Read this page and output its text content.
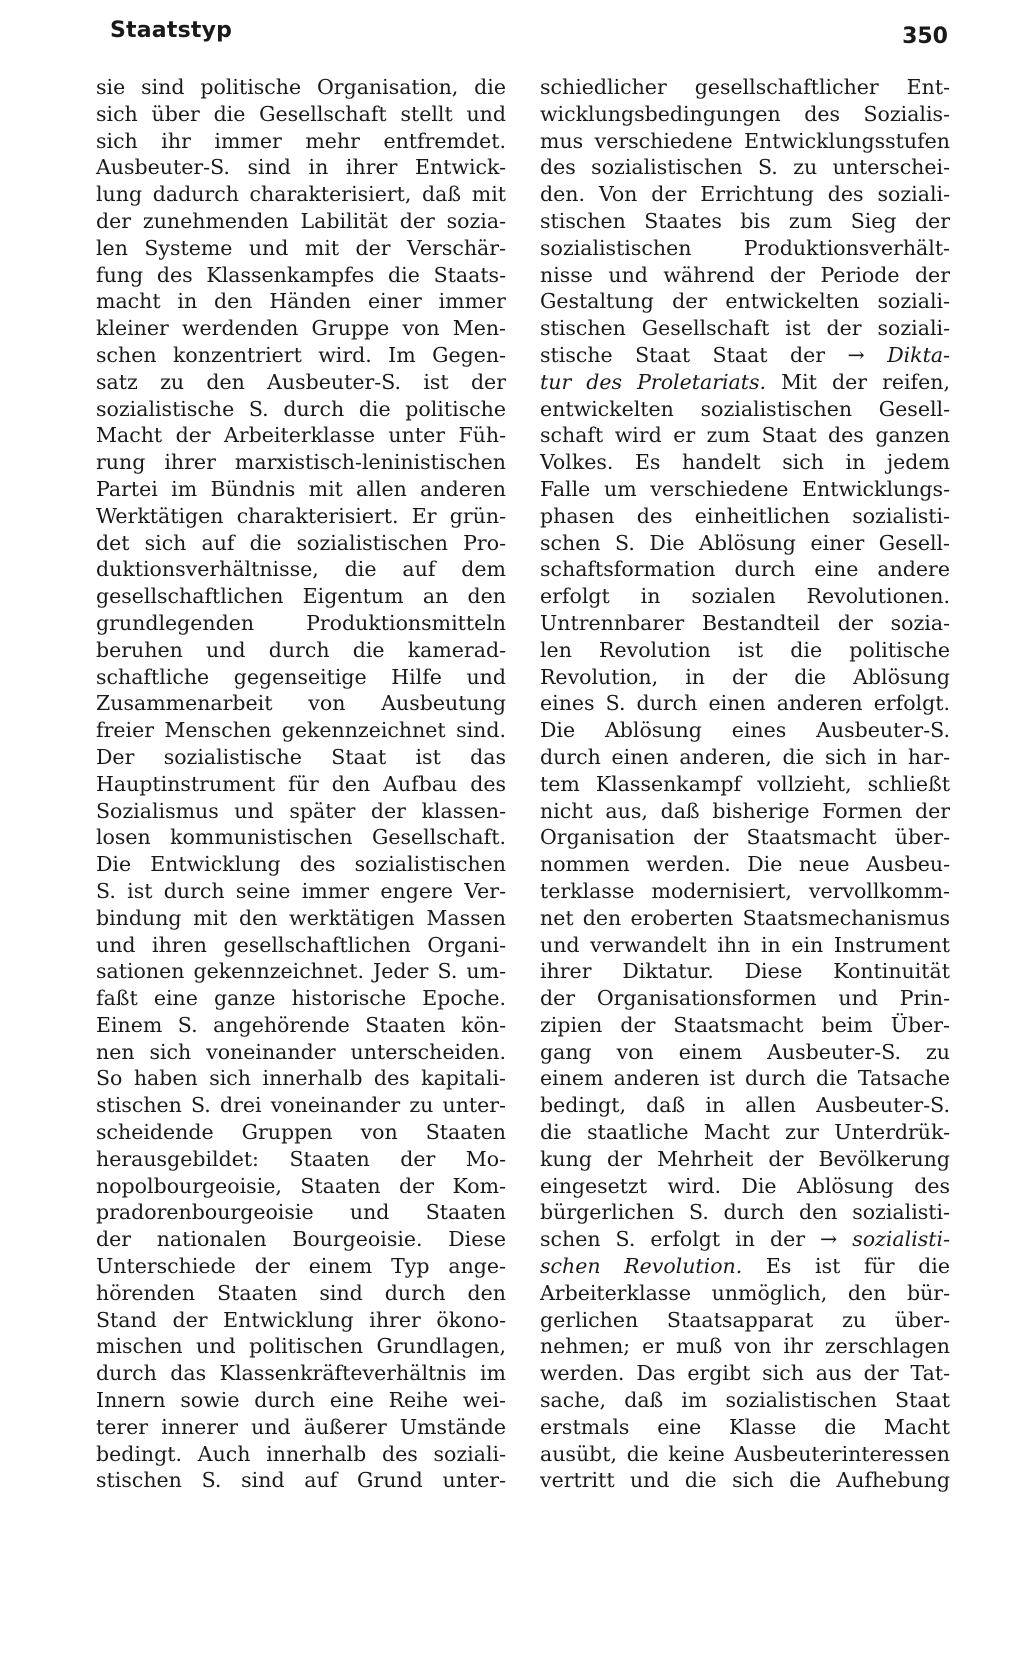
Staatstyp	350
sie sind politische Organisation, die
sich über die Gesellschaft stellt und
sich ihr immer mehr entfremdet.
Ausbeuter-S. sind in ihrer Entwick-
lung dadurch charakterisiert, daß mit
der zunehmenden Labilität der sozia-
len Systeme und mit der Verschär-
fung des Klassenkampfes die Staats-
macht in den Händen einer immer
kleiner werdenden Gruppe von Men-
schen konzentriert wird. Im Gegen-
satz zu den Ausbeuter-S. ist der
sozialistische S. durch die politische
Macht der Arbeiterklasse unter Füh-
rung ihrer marxistisch-leninistischen
Partei im Bündnis mit allen anderen
Werktätigen charakterisiert. Er grün-
det sich auf die sozialistischen Pro-
duktionsverhältnisse, die auf dem
gesellschaftlichen Eigentum an den
grundlegenden Produktionsmitteln
beruhen und durch die kamerad-
schaftliche gegenseitige Hilfe und
Zusammenarbeit von Ausbeutung
freier Menschen gekennzeichnet sind.
Der sozialistische Staat ist das
Hauptinstrument für den Aufbau des
Sozialismus und später der klassen-
losen kommunistischen Gesellschaft.
Die Entwicklung des sozialistischen
S. ist durch seine immer engere Ver-
bindung mit den werktätigen Massen
und ihren gesellschaftlichen Organi-
sationen gekennzeichnet. Jeder S. um-
faßt eine ganze historische Epoche.
Einem S. angehörende Staaten kön-
nen sich voneinander unterscheiden.
So haben sich innerhalb des kapitali-
stischen S. drei voneinander zu unter-
scheidende Gruppen von Staaten
herausgebildet: Staaten der Mo-
nopolbourgeoisie, Staaten der Kom-
pradorenbourgeoisie und Staaten
der nationalen Bourgeoisie. Diese
Unterschiede der einem Typ ange-
hörenden Staaten sind durch den
Stand der Entwicklung ihrer ökono-
mischen und politischen Grundlagen,
durch das Klassenkräfteverhältnis im
Innern sowie durch eine Reihe wei-
terer innerer und äußerer Umstände
bedingt. Auch innerhalb des soziali-
stischen S. sind auf Grund unter-
schiedlicher gesellschaftlicher Ent-
wicklungsbedingungen des Sozialis-
mus verschiedene Entwicklungsstufen
des sozialistischen S. zu unterschei-
den. Von der Errichtung des soziali-
stischen Staates bis zum Sieg der
sozialistischen Produktionsverhält-
nisse und während der Periode der
Gestaltung der entwickelten soziali-
stischen Gesellschaft ist der soziali-
stische Staat Staat der → Dikta-
tur des Proletariats. Mit der reifen,
entwickelten sozialistischen Gesell-
schaft wird er zum Staat des ganzen
Volkes. Es handelt sich in jedem
Falle um verschiedene Entwicklungs-
phasen des einheitlichen sozialisti-
schen S. Die Ablösung einer Gesell-
schaftsformation durch eine andere
erfolgt in sozialen Revolutionen.
Untrennbarer Bestandteil der sozia-
len Revolution ist die politische
Revolution, in der die Ablösung
eines S. durch einen anderen erfolgt.
Die Ablösung eines Ausbeuter-S.
durch einen anderen, die sich in har-
tem Klassenkampf vollzieht, schließt
nicht aus, daß bisherige Formen der
Organisation der Staatsmacht über-
nommen werden. Die neue Ausbeu-
terklasse modernisiert, vervollkomm-
net den eroberten Staatsmechanismus
und verwandelt ihn in ein Instrument
ihrer Diktatur. Diese Kontinuität
der Organisationsformen und Prin-
zipien der Staatsmacht beim Über-
gang von einem Ausbeuter-S. zu
einem anderen ist durch die Tatsache
bedingt, daß in allen Ausbeuter-S.
die staatliche Macht zur Unterdrük-
kung der Mehrheit der Bevölkerung
eingesetzt wird. Die Ablösung des
bürgerlichen S. durch den sozialisti-
schen S. erfolgt in der → sozialisti-
schen Revolution. Es ist für die
Arbeiterklasse unmöglich, den bür-
gerlichen Staatsapparat zu über-
nehmen; er muß von ihr zerschlagen
werden. Das ergibt sich aus der Tat-
sache, daß im sozialistischen Staat
erstmals eine Klasse die Macht
ausübt, die keine Ausbeuterinteressen
vertritt und die sich die Aufhebung
